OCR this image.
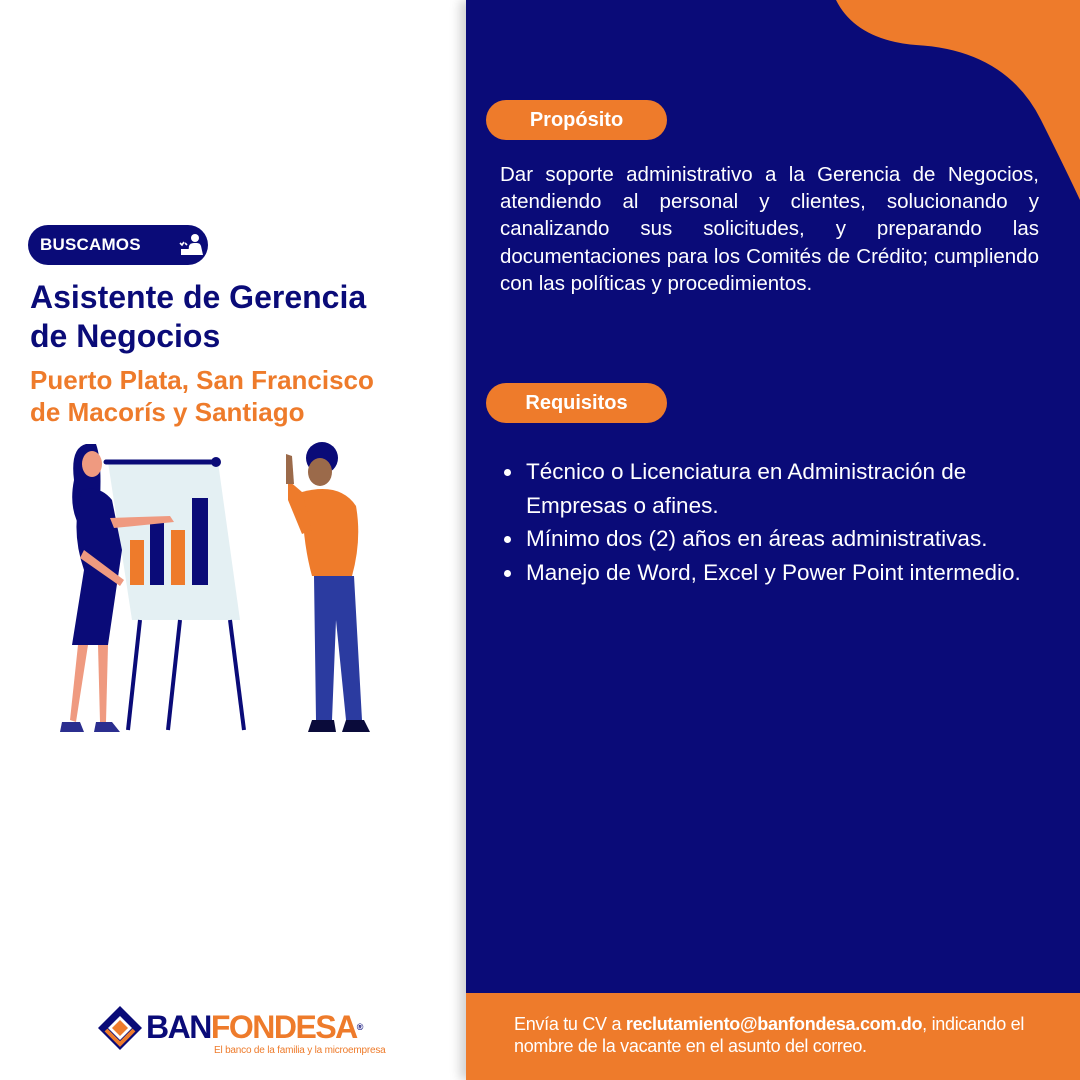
BUSCAMOS
Asistente de Gerencia
de Negocios
Puerto Plata, San Francisco
de Macorís y Santiago
BANFONDESA®
El banco de la familia y la microempresa
Propósito

Dar soporte administrativo a la Gerencia de Negocios, atendiendo al personal y clientes, solucionando y canalizando sus solicitudes, y preparando las documentaciones para los Comités de Crédito; cumpliendo con las políticas y procedimientos.

Requisitos
Técnico o Licenciatura en Administración de Empresas o afines.
Mínimo dos (2) años en áreas administrativas.
Manejo de Word, Excel y Power Point intermedio.
Envía tu CV a reclutamiento@banfondesa.com.do, indicando el nombre de la vacante en el asunto del correo.
